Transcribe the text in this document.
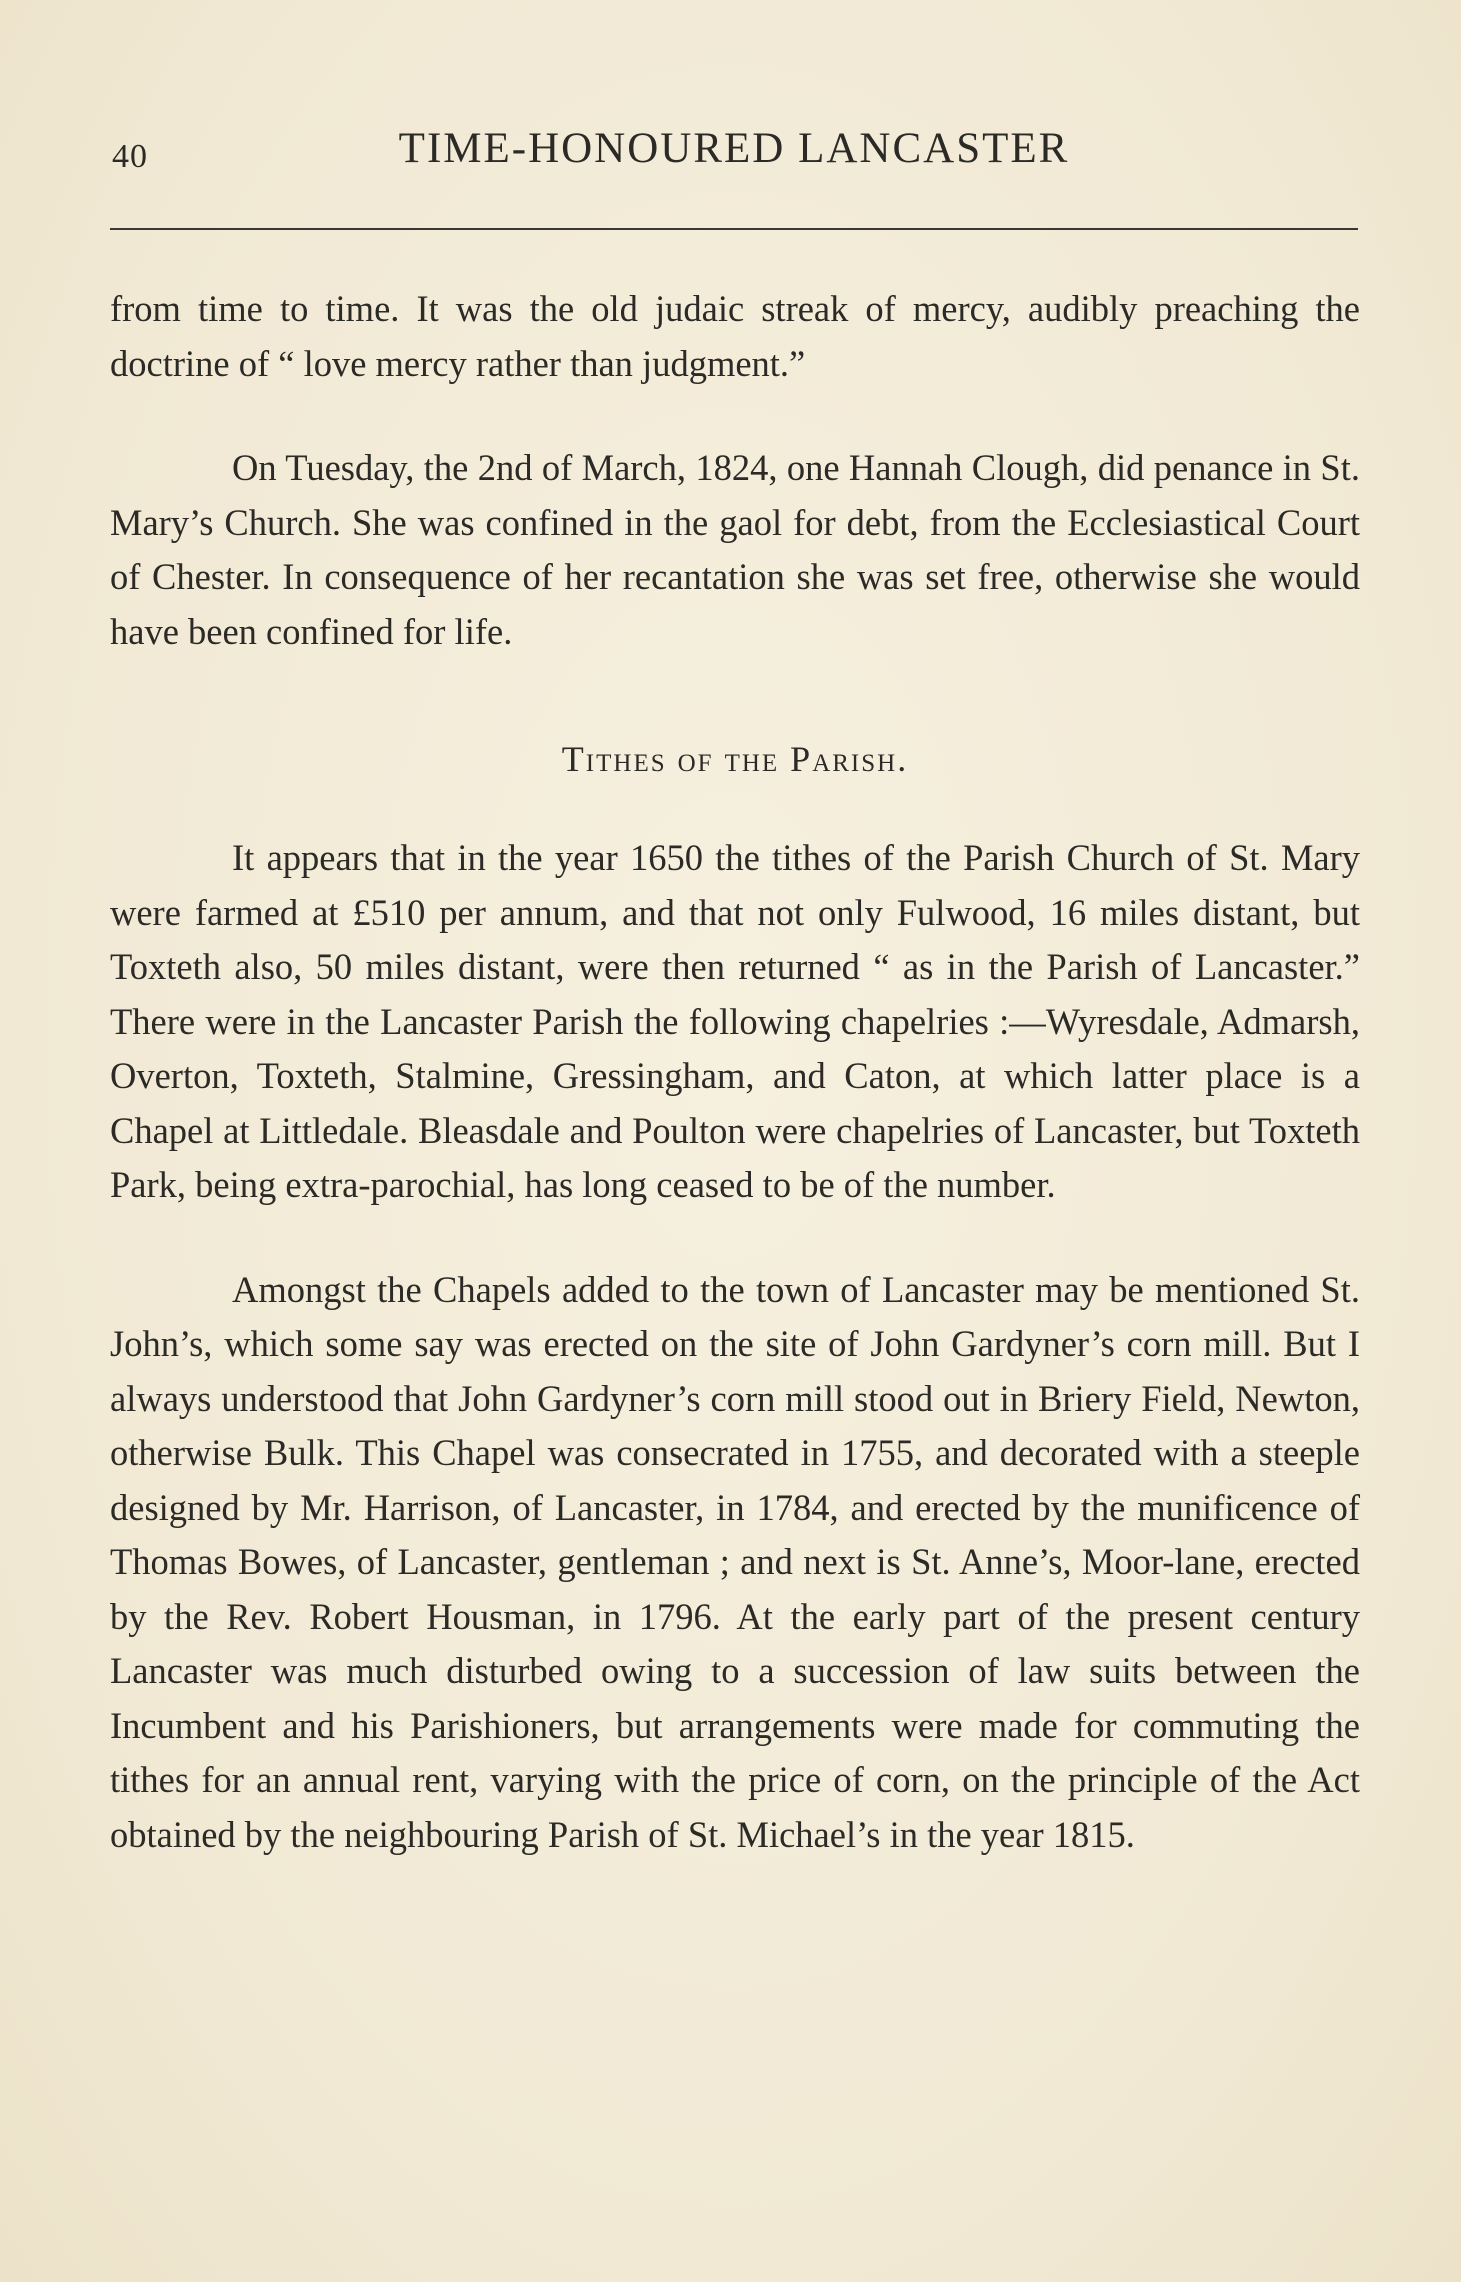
40	TIME-HONOURED LANCASTER

from time to time. It was the old judaic streak of mercy, audibly preaching the doctrine of “ love mercy rather than judgment.”

On Tuesday, the 2nd of March, 1824, one Hannah Clough, did penance in St. Mary’s Church. She was confined in the gaol for debt, from the Ecclesiastical Court of Chester. In consequence of her recantation she was set free, otherwise she would have been confined for life.

Tithes of the Parish.

It appears that in the year 1650 the tithes of the Parish Church of St. Mary were farmed at £510 per annum, and that not only Fulwood, 16 miles distant, but Toxteth also, 50 miles distant, were then returned “ as in the Parish of Lancaster.” There were in the Lancaster Parish the following chapelries :—Wyresdale, Admarsh, Overton, Toxteth, Stalmine, Gressingham, and Caton, at which latter place is a Chapel at Littledale. Bleasdale and Poulton were chapelries of Lancaster, but Toxteth Park, being extra-parochial, has long ceased to be of the number.

Amongst the Chapels added to the town of Lancaster may be mentioned St. John’s, which some say was erected on the site of John Gardyner’s corn mill. But I always understood that John Gardyner’s corn mill stood out in Briery Field, Newton, otherwise Bulk. This Chapel was consecrated in 1755, and decorated with a steeple designed by Mr. Harrison, of Lancaster, in 1784, and erected by the munificence of Thomas Bowes, of Lancaster, gentleman ; and next is St. Anne’s, Moor-lane, erected by the Rev. Robert Housman, in 1796. At the early part of the present century Lancaster was much disturbed owing to a succession of law suits between the Incumbent and his Parishioners, but arrangements were made for commuting the tithes for an annual rent, varying with the price of corn, on the principle of the Act obtained by the neighbouring Parish of St. Michael’s in the year 1815.
